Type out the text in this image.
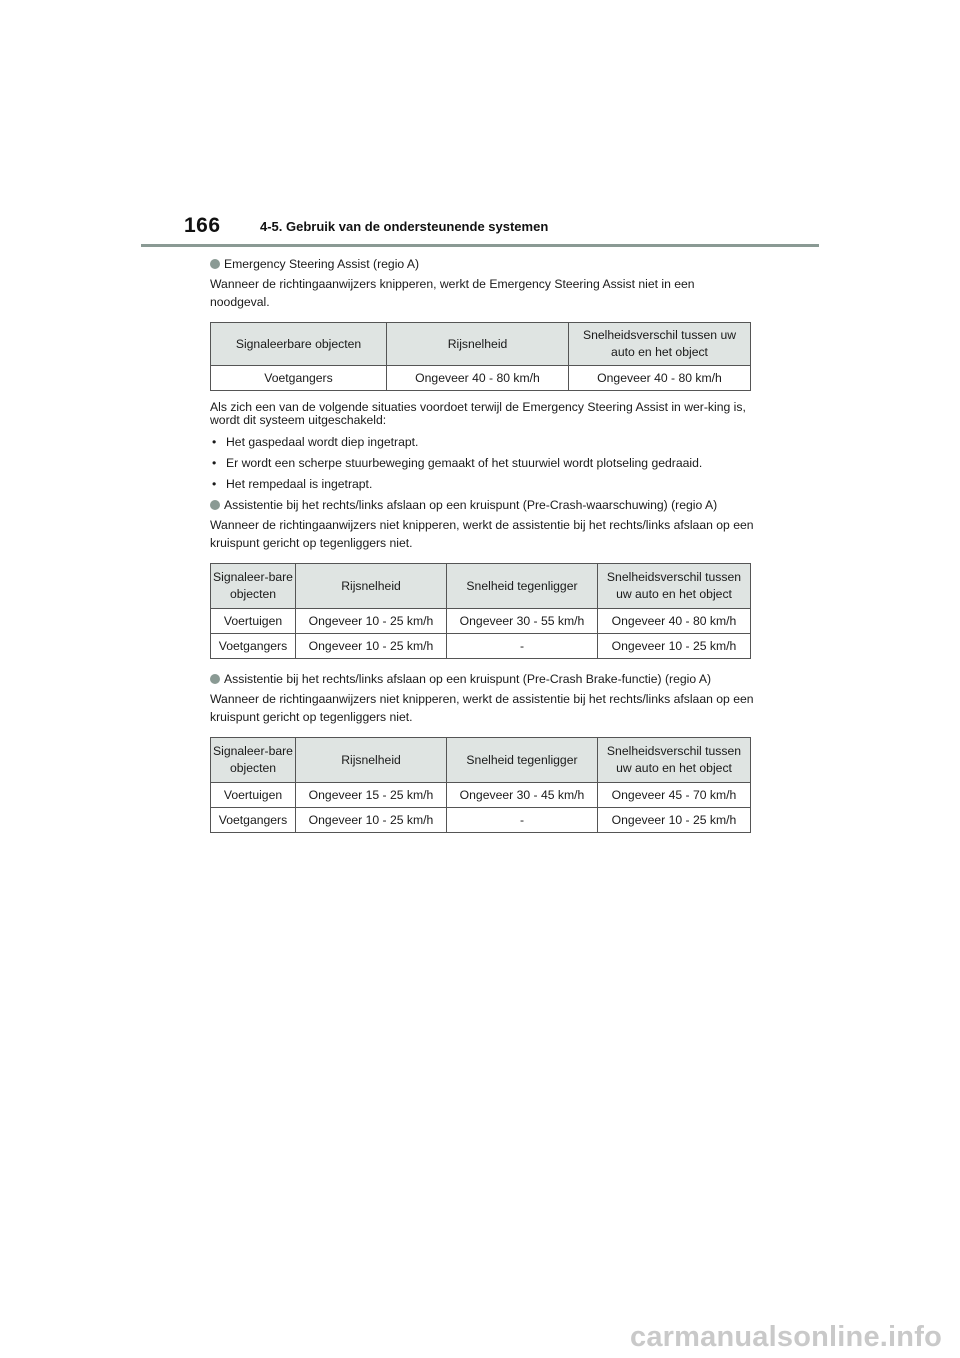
166	4-5. Gebruik van de ondersteunende systemen

Emergency Steering Assist (regio A)

Wanneer de richtingaanwijzers knipperen, werkt de Emergency Steering Assist niet in een noodgeval.

Signaleerbare objecten	Rijsnelheid	Snelheidsverschil tussen uw auto en het object
Voetgangers	Ongeveer 40 - 80 km/h	Ongeveer 40 - 80 km/h

Als zich een van de volgende situaties voordoet terwijl de Emergency Steering Assist in wer-king is, wordt dit systeem uitgeschakeld:

• Het gaspedaal wordt diep ingetrapt.
• Er wordt een scherpe stuurbeweging gemaakt of het stuurwiel wordt plotseling gedraaid.
• Het rempedaal is ingetrapt.

Assistentie bij het rechts/links afslaan op een kruispunt (Pre-Crash-waarschuwing) (regio A)

Wanneer de richtingaanwijzers niet knipperen, werkt de assistentie bij het rechts/links afslaan op een kruispunt gericht op tegenliggers niet.

Signaleer-bare objecten	Rijsnelheid	Snelheid tegenligger	Snelheidsverschil tussen uw auto en het object
Voertuigen	Ongeveer 10 - 25 km/h	Ongeveer 30 - 55 km/h	Ongeveer 40 - 80 km/h
Voetgangers	Ongeveer 10 - 25 km/h	-	Ongeveer 10 - 25 km/h

Assistentie bij het rechts/links afslaan op een kruispunt (Pre-Crash Brake-functie) (regio A)

Wanneer de richtingaanwijzers niet knipperen, werkt de assistentie bij het rechts/links afslaan op een kruispunt gericht op tegenliggers niet.

Signaleer-bare objecten	Rijsnelheid	Snelheid tegenligger	Snelheidsverschil tussen uw auto en het object
Voertuigen	Ongeveer 15 - 25 km/h	Ongeveer 30 - 45 km/h	Ongeveer 45 - 70 km/h
Voetgangers	Ongeveer 10 - 25 km/h	-	Ongeveer 10 - 25 km/h
carmanualsonline.info
